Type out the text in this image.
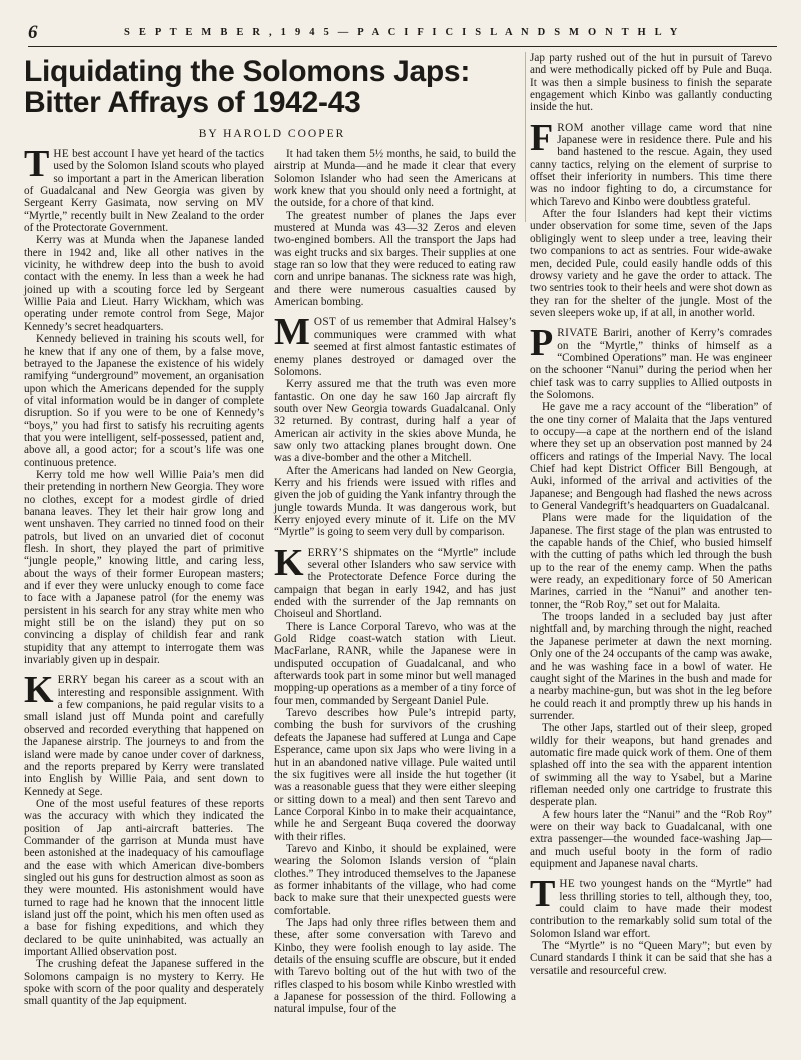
6	S E P T E M B E R , 1 9 4 5 — P A C I F I C I S L A N D S M O N T H L Y
Liquidating the Solomons Japs: Bitter Affrays of 1942-43
BY HAROLD COOPER

THE best account I have yet heard of the tactics used by the Solomon Island scouts who played so important a part in the American liberation of Guadalcanal and New Georgia was given by Sergeant Kerry Gasimata, now serving on MV “Myrtle,” recently built in New Zealand to the order of the Protectorate Government.

Kerry was at Munda when the Japanese landed there in 1942 and, like all other natives in the vicinity, he withdrew deep into the bush to avoid contact with the enemy. In less than a week he had joined up with a scouting force led by Sergeant Willie Paia and Lieut. Harry Wickham, which was operating under remote control from Sege, Major Kennedy’s secret headquarters.

Kennedy believed in training his scouts well, for he knew that if any one of them, by a false move, betrayed to the Japanese the existence of his widely ramifying “underground” movement, an organisation upon which the Americans depended for the supply of vital information would be in danger of complete disruption. So if you were to be one of Kennedy’s “boys,” you had first to satisfy his recruiting agents that you were intelligent, self-possessed, patient and, above all, a good actor; for a scout’s life was one continuous pretence.

Kerry told me how well Willie Paia’s men did their pretending in northern New Georgia. They wore no clothes, except for a modest girdle of dried banana leaves. They let their hair grow long and went unshaven. They carried no tinned food on their patrols, but lived on an unvaried diet of coconut flesh. In short, they played the part of primitive “jungle people,” knowing little, and caring less, about the ways of their former European masters; and if ever they were unlucky enough to come face to face with a Japanese patrol (for the enemy was persistent in his search for any stray white men who might still be on the island) they put on so convincing a display of childish fear and rank stupidity that any attempt to interrogate them was invariably given up in despair.

KERRY began his career as a scout with an interesting and responsible assignment. With a few companions, he paid regular visits to a small island just off Munda point and carefully observed and recorded everything that happened on the Japanese airstrip. The journeys to and from the island were made by canoe under cover of darkness, and the reports prepared by Kerry were translated into English by Willie Paia, and sent down to Kennedy at Sege.

One of the most useful features of these reports was the accuracy with which they indicated the position of Jap anti-aircraft batteries. The Commander of the garrison at Munda must have been astonished at the inadequacy of his camouflage and the ease with which American dive-bombers singled out his guns for destruction almost as soon as they were mounted. His astonishment would have turned to rage had he known that the innocent little island just off the point, which his men often used as a base for fishing expeditions, and which they declared to be quite uninhabited, was actually an important Allied observation post.

The crushing defeat the Japanese suffered in the Solomons campaign is no mystery to Kerry. He spoke with scorn of the poor quality and desperately small quantity of the Jap equipment.

It had taken them 5½ months, he said, to build the airstrip at Munda—and he made it clear that every Solomon Islander who had seen the Americans at work knew that you should only need a fortnight, at the outside, for a chore of that kind.

The greatest number of planes the Japs ever mustered at Munda was 43—32 Zeros and eleven two-engined bombers. All the transport the Japs had was eight trucks and six barges. Their supplies at one stage ran so low that they were reduced to eating raw corn and unripe bananas. The sickness rate was high, and there were numerous casualties caused by American bombing.

MOST of us remember that Admiral Halsey’s communiques were crammed with what seemed at first almost fantastic estimates of enemy planes destroyed or damaged over the Solomons.

Kerry assured me that the truth was even more fantastic. On one day he saw 160 Jap aircraft fly south over New Georgia towards Guadalcanal. Only 32 returned. By contrast, during half a year of American air activity in the skies above Munda, he saw only two attacking planes brought down. One was a dive-bomber and the other a Mitchell.

After the Americans had landed on New Georgia, Kerry and his friends were issued with rifles and given the job of guiding the Yank infantry through the jungle towards Munda. It was dangerous work, but Kerry enjoyed every minute of it. Life on the MV “Myrtle” is going to seem very dull by comparison.

KERRY’S shipmates on the “Myrtle” include several other Islanders who saw service with the Protectorate Defence Force during the campaign that began in early 1942, and has just ended with the surrender of the Jap remnants on Choiseul and Shortland.

There is Lance Corporal Tarevo, who was at the Gold Ridge coast-watch station with Lieut. MacFarlane, RANR, while the Japanese were in undisputed occupation of Guadalcanal, and who afterwards took part in some minor but well managed mopping-up operations as a member of a tiny force of four men, commanded by Sergeant Daniel Pule.

Tarevo describes how Pule’s intrepid party, combing the bush for survivors of the crushing defeats the Japanese had suffered at Lunga and Cape Esperance, came upon six Japs who were living in a hut in an abandoned native village. Pule waited until the six fugitives were all inside the hut together (it was a reasonable guess that they were either sleeping or sitting down to a meal) and then sent Tarevo and Lance Corporal Kinbo in to make their acquaintance, while he and Sergeant Buqa covered the doorway with their rifles.

Tarevo and Kinbo, it should be explained, were wearing the Solomon Islands version of “plain clothes.” They introduced themselves to the Japanese as former inhabitants of the village, who had come back to make sure that their unexpected guests were comfortable.

The Japs had only three rifles between them and these, after some conversation with Tarevo and Kinbo, they were foolish enough to lay aside. The details of the ensuing scuffle are obscure, but it ended with Tarevo bolting out of the hut with two of the rifles clasped to his bosom while Kinbo wrestled with a Japanese for possession of the third. Following a natural impulse, four of the

Jap party rushed out of the hut in pursuit of Tarevo and were methodically picked off by Pule and Buqa. It was then a simple business to finish the separate engagement which Kinbo was gallantly conducting inside the hut.

FROM another village came word that nine Japanese were in residence there. Pule and his band hastened to the rescue. Again, they used canny tactics, relying on the element of surprise to offset their inferiority in numbers. This time there was no indoor fighting to do, a circumstance for which Tarevo and Kinbo were doubtless grateful.

After the four Islanders had kept their victims under observation for some time, seven of the Japs obligingly went to sleep under a tree, leaving their two companions to act as sentries. Four wide-awake men, decided Pule, could easily handle odds of this drowsy variety and he gave the order to attack. The two sentries took to their heels and were shot down as they ran for the shelter of the jungle. Most of the seven sleepers woke up, if at all, in another world.

PRIVATE Bariri, another of Kerry’s comrades on the “Myrtle,” thinks of himself as a “Combined Operations” man. He was engineer on the schooner “Nanui” during the period when her chief task was to carry supplies to Allied outposts in the Solomons.

He gave me a racy account of the “liberation” of the one tiny corner of Malaita that the Japs ventured to occupy—a cape at the northern end of the island where they set up an observation post manned by 24 officers and ratings of the Imperial Navy. The local Chief had kept District Officer Bill Bengough, at Auki, informed of the arrival and activities of the Japanese; and Bengough had flashed the news across to General Vandegrift’s headquarters on Guadalcanal.

Plans were made for the liquidation of the Japanese. The first stage of the plan was entrusted to the capable hands of the Chief, who busied himself with the cutting of paths which led through the bush up to the rear of the enemy camp. When the paths were ready, an expeditionary force of 50 American Marines, carried in the “Nanui” and another ten-tonner, the “Rob Roy,” set out for Malaita.

The troops landed in a secluded bay just after nightfall and, by marching through the night, reached the Japanese perimeter at dawn the next morning. Only one of the 24 occupants of the camp was awake, and he was washing face in a bowl of water. He caught sight of the Marines in the bush and made for a nearby machine-gun, but was shot in the leg before he could reach it and promptly threw up his hands in surrender.

The other Japs, startled out of their sleep, groped wildly for their weapons, but hand grenades and automatic fire made quick work of them. One of them splashed off into the sea with the apparent intention of swimming all the way to Ysabel, but a Marine rifleman needed only one cartridge to frustrate this desperate plan.

A few hours later the “Nanui” and the “Rob Roy” were on their way back to Guadalcanal, with one extra passenger—the wounded face-washing Jap—and much useful booty in the form of radio equipment and Japanese naval charts.

THE two youngest hands on the “Myrtle” had less thrilling stories to tell, although they, too, could claim to have made their modest contribution to the remarkably solid sum total of the Solomon Island war effort.

The “Myrtle” is no “Queen Mary”; but even by Cunard standards I think it can be said that she has a versatile and resourceful crew.
